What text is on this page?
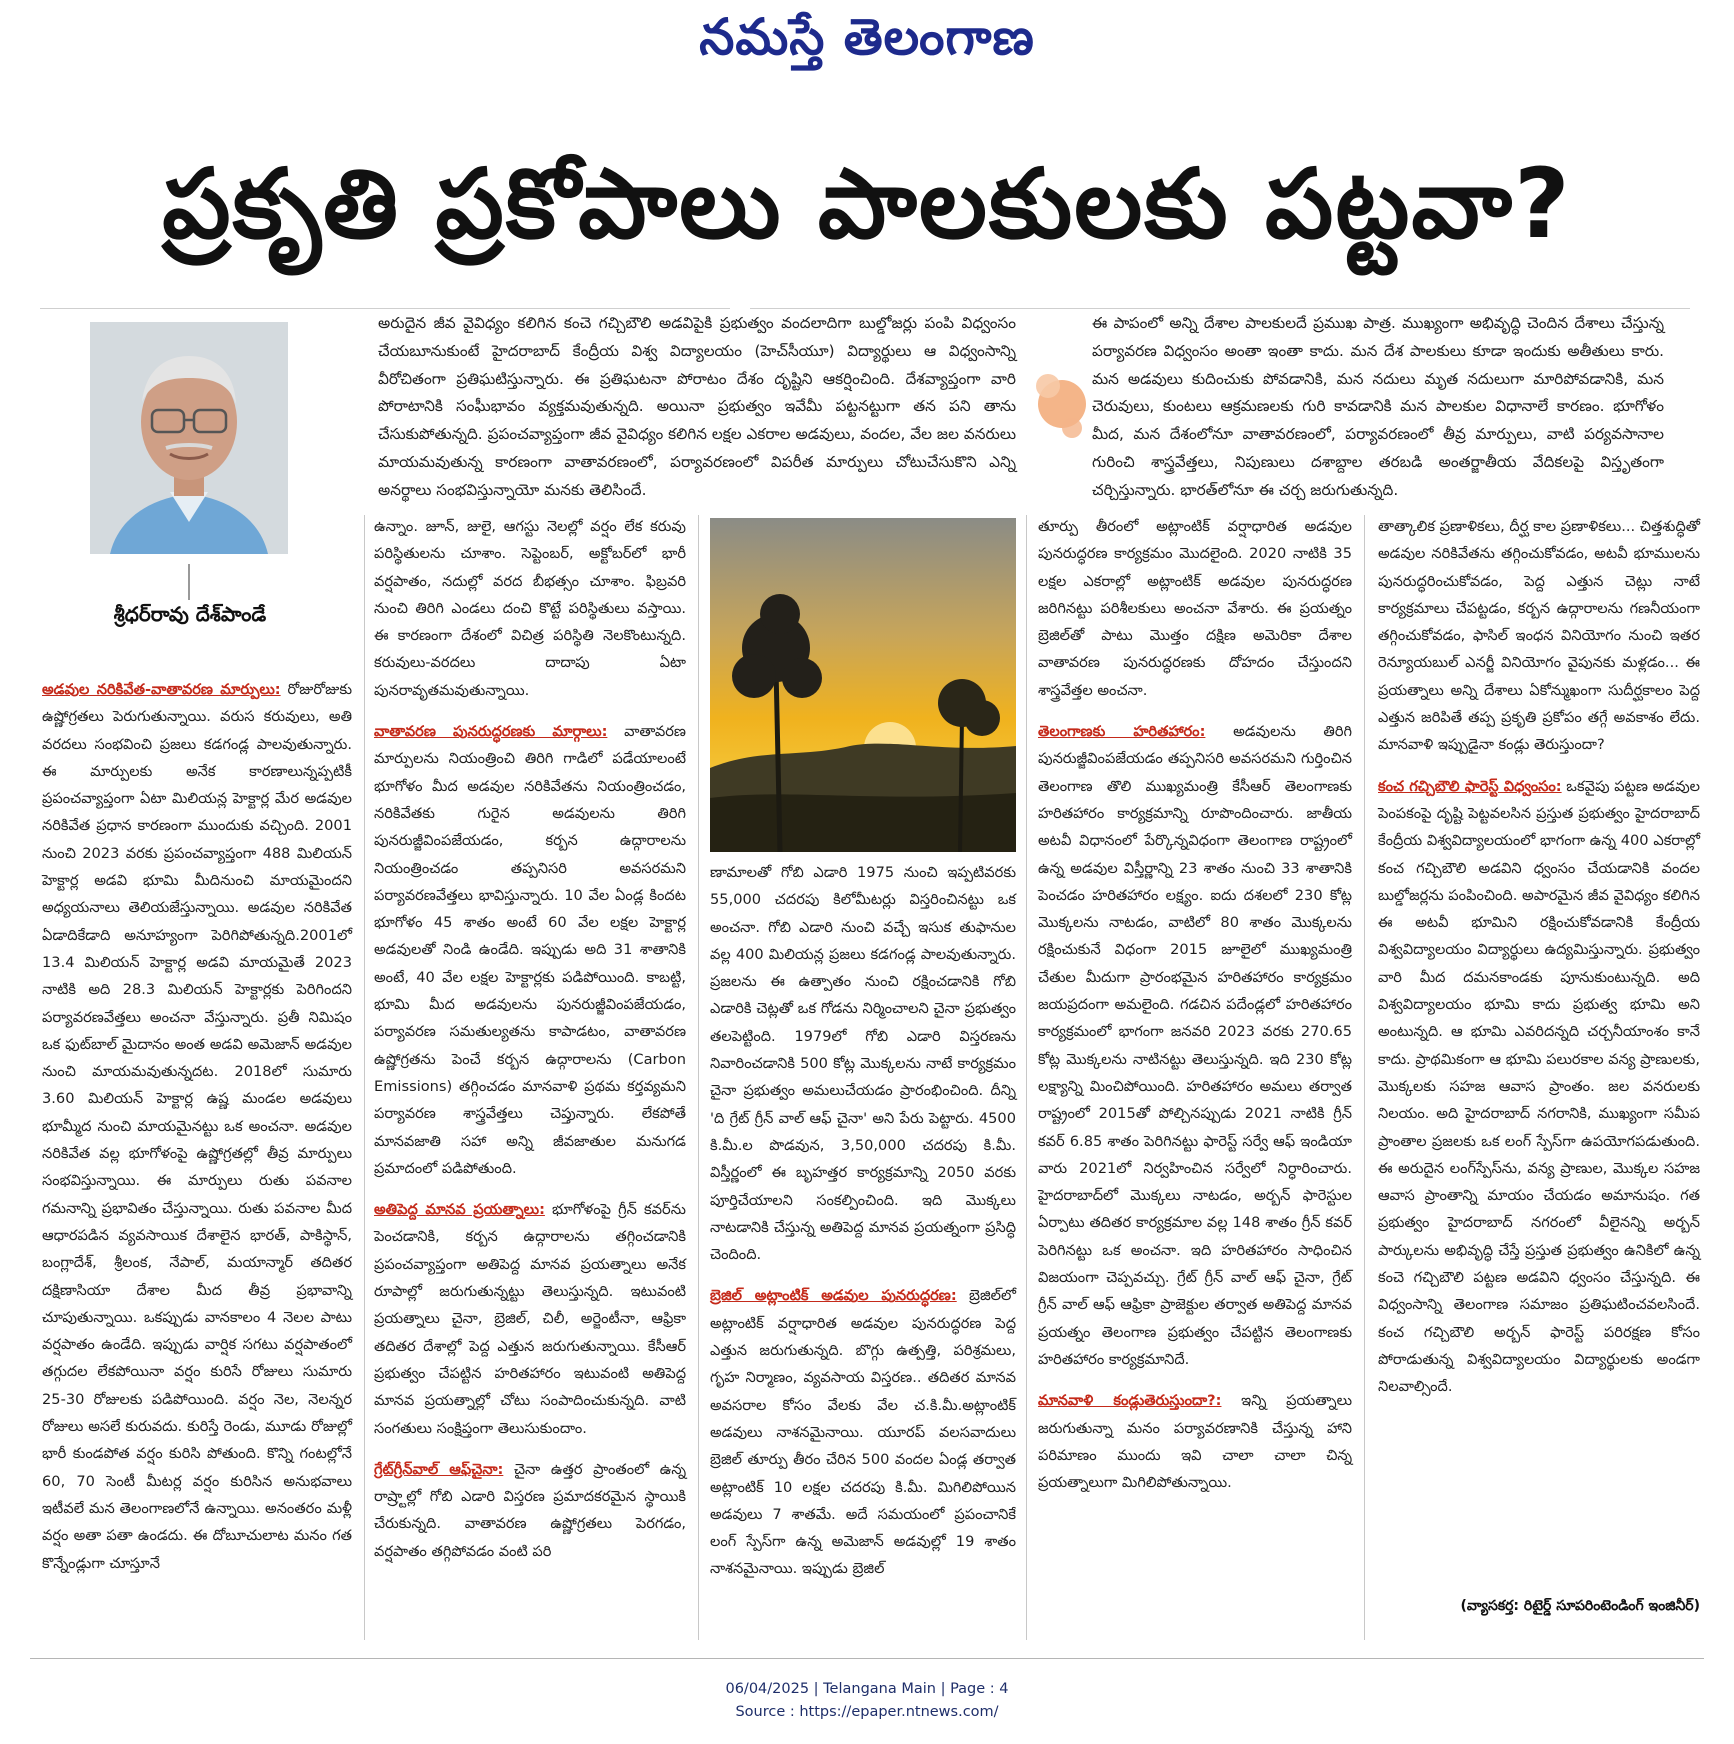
నమస్తే తెలంగాణ
ప్రకృతి ప్రకోపాలు పాలకులకు పట్టవా?
శ్రీధర్‌రావు దేశ్‌పాండే
అరుదైన జీవ వైవిధ్యం కలిగిన కంచె గచ్చిబౌలి అడవిపైకి ప్రభుత్వం వందలాదిగా బుల్డోజర్లు పంపి విధ్వంసం చేయబూనుకుంటే హైదరాబాద్ కేంద్రీయ విశ్వ విద్యాలయం (హెచ్‌సీయూ) విద్యార్థులు ఆ విధ్వంసాన్ని వీరోచితంగా ప్రతిఘటిస్తున్నారు. ఈ ప్రతిఘటనా పోరాటం దేశం దృష్టిని ఆకర్షించింది. దేశవ్యాప్తంగా వారి పోరాటానికి సంఘీభావం వ్యక్తమవుతున్నది. అయినా ప్రభుత్వం ఇవేమీ పట్టనట్టుగా తన పని తాను చేసుకుపోతున్నది. ప్రపంచవ్యాప్తంగా జీవ వైవిధ్యం కలిగిన లక్షల ఎకరాల అడవులు, వందల, వేల జల వనరులు మాయమవుతున్న కారణంగా వాతావరణంలో, పర్యావరణంలో విపరీత మార్పులు చోటుచేసుకొని ఎన్ని అనర్థాలు సంభవిస్తున్నాయో మనకు తెలిసిందే.
ఈ పాపంలో అన్ని దేశాల పాలకులదే ప్రముఖ పాత్ర. ముఖ్యంగా అభివృద్ధి చెందిన దేశాలు చేస్తున్న పర్యావరణ విధ్వంసం అంతా ఇంతా కాదు. మన దేశ పాలకులు కూడా ఇందుకు అతీతులు కారు. మన అడవులు కుదించుకు పోవడానికి, మన నదులు మృత నదులుగా మారిపోవడానికి, మన చెరువులు, కుంటలు ఆక్రమణలకు గురి కావడానికి మన పాలకుల విధానాలే కారణం. భూగోళం మీద, మన దేశంలోనూ వాతావరణంలో, పర్యావరణంలో తీవ్ర మార్పులు, వాటి పర్యవసానాల గురించి శాస్త్రవేత్తలు, నిపుణులు దశాబ్దాల తరబడి అంతర్జాతీయ వేదికలపై విస్తృతంగా చర్చిస్తున్నారు. భారత్‌లోనూ ఈ చర్చ జరుగుతున్నది.

అడవుల నరికివేత-వాతావరణ మార్పులు: రోజురోజుకు ఉష్ణోగ్రతలు పెరుగుతున్నాయి. వరుస కరువులు, అతి వరదలు సంభవించి ప్రజలు కడగండ్ల పాలవుతున్నారు. ఈ మార్పులకు అనేక కారణాలున్నప్పటికీ ప్రపంచవ్యాప్తంగా ఏటా మిలియన్ల హెక్టార్ల మేర అడవుల నరికివేత ప్రధాన కారణంగా ముందుకు వచ్చింది. 2001 నుంచి 2023 వరకు ప్రపంచవ్యాప్తంగా 488 మిలియన్ హెక్టార్ల అడవి భూమి మీదినుంచి మాయమైందని అధ్యయనాలు తెలియజేస్తున్నాయి. అడవుల నరికివేత ఏడాదికేడాది అనూహ్యంగా పెరిగిపోతున్నది.2001లో 13.4 మిలియన్ హెక్టార్ల అడవి మాయమైతే 2023 నాటికి అది 28.3 మిలియన్ హెక్టార్లకు పెరిగిందని పర్యావరణవేత్తలు అంచనా వేస్తున్నారు. ప్రతీ నిమిషం ఒక ఫుట్‌బాల్ మైదానం అంత అడవి అమెజాన్ అడవుల నుంచి మాయమవుతున్నదట. 2018లో సుమారు 3.60 మిలియన్ హెక్టార్ల ఉష్ణ మండల అడవులు భూమ్మీద నుంచి మాయమైనట్టు ఒక అంచనా. అడవుల నరికివేత వల్ల భూగోళంపై ఉష్ణోగ్రతల్లో తీవ్ర మార్పులు సంభవిస్తున్నాయి. ఈ మార్పులు రుతు పవనాల గమనాన్ని ప్రభావితం చేస్తున్నాయి. రుతు పవనాల మీద ఆధారపడిన వ్యవసాయిక దేశాలైన భారత్, పాకిస్థాన్, బంగ్లాదేశ్, శ్రీలంక, నేపాల్, మయాన్మార్ తదితర దక్షిణాసియా దేశాల మీద తీవ్ర ప్రభావాన్ని చూపుతున్నాయి. ఒకప్పుడు వానకాలం 4 నెలల పాటు వర్షపాతం ఉండేది. ఇప్పుడు వార్షిక సగటు వర్షపాతంలో తగ్గుదల లేకపోయినా వర్షం కురిసే రోజులు సుమారు 25-30 రోజులకు పడిపోయింది. వర్షం నెల, నెలన్నర రోజులు అసలే కురువదు. కురిస్తే రెండు, మూడు రోజుల్లో భారీ కుండపోత వర్షం కురిసి పోతుంది. కొన్ని గంటల్లోనే 60, 70 సెంటీ మీటర్ల వర్షం కురిసిన అనుభవాలు ఇటీవలే మన తెలంగాణలోనే ఉన్నాయి. అనంతరం మళ్లీ వర్షం అతా పతా ఉండదు. ఈ దోబూచులాట మనం గత కొన్నేండ్లుగా చూస్తూనే

ఉన్నాం. జూన్, జులై, ఆగస్టు నెలల్లో వర్షం లేక కరువు పరిస్థితులను చూశాం. సెప్టెంబర్, అక్టోబర్‌లో భారీ వర్షపాతం, నదుల్లో వరద బీభత్సం చూశాం. ఫిబ్రవరి నుంచి తిరిగి ఎండలు దంచి కొట్టే పరిస్థితులు వస్తాయి. ఈ కారణంగా దేశంలో విచిత్ర పరిస్థితి నెలకొంటున్నది. కరువులు-వరదలు దాదాపు ఏటా పునరావృతమవుతున్నాయి.

వాతావరణ పునరుద్ధరణకు మార్గాలు: వాతావరణ మార్పులను నియంత్రించి తిరిగి గాడిలో పడేయాలంటే భూగోళం మీద అడవుల నరికివేతను నియంత్రించడం, నరికివేతకు గురైన అడవులను తిరిగి పునరుజ్జీవింపజేయడం, కర్బన ఉద్గారాలను నియంత్రించడం తప్పనిసరి అవసరమని పర్యావరణవేత్తలు భావిస్తున్నారు. 10 వేల ఏండ్ల కిందట భూగోళం 45 శాతం అంటే 60 వేల లక్షల హెక్టార్ల అడవులతో నిండి ఉండేది. ఇప్పుడు అది 31 శాతానికి అంటే, 40 వేల లక్షల హెక్టార్లకు పడిపోయింది. కాబట్టి, భూమి మీద అడవులను పునరుజ్జీవింపజేయడం, పర్యావరణ సమతుల్యతను కాపాడటం, వాతావరణ ఉష్ణోగ్రతను పెంచే కర్బన ఉద్గారాలను (Carbon Emissions) తగ్గించడం మానవాళి ప్రథమ కర్తవ్యమని పర్యావరణ శాస్త్రవేత్తలు చెప్తున్నారు. లేకపోతే మానవజాతి సహా అన్ని జీవజాతుల మనుగడ ప్రమాదంలో పడిపోతుంది.

అతిపెద్ద మానవ ప్రయత్నాలు: భూగోళంపై గ్రీన్ కవర్‌ను పెంచడానికి, కర్బన ఉద్గారాలను తగ్గించడానికి ప్రపంచవ్యాప్తంగా అతిపెద్ద మానవ ప్రయత్నాలు అనేక రూపాల్లో జరుగుతున్నట్టు తెలుస్తున్నది. ఇటువంటి ప్రయత్నాలు చైనా, బ్రెజిల్, చిలీ, అర్జెంటీనా, ఆఫ్రికా తదితర దేశాల్లో పెద్ద ఎత్తున జరుగుతున్నాయి. కేసీఆర్ ప్రభుత్వం చేపట్టిన హరితహారం ఇటువంటి అతిపెద్ద మానవ ప్రయత్నాల్లో చోటు సంపాదించుకున్నది. వాటి సంగతులు సంక్షిప్తంగా తెలుసుకుందాం.

గ్రేట్‌గ్రీన్‌వాల్ ఆఫ్‌చైనా: చైనా ఉత్తర ప్రాంతంలో ఉన్న రాష్ర్టాల్లో గోబి ఎడారి విస్తరణ ప్రమాదకరమైన స్థాయికి చేరుకున్నది. వాతావరణ ఉష్ణోగ్రతలు పెరగడం, వర్షపాతం తగ్గిపోవడం వంటి పరి

ణామాలతో గోబి ఎడారి 1975 నుంచి ఇప్పటివరకు 55,000 చదరపు కిలోమీటర్లు విస్తరించినట్టు ఒక అంచనా. గోబి ఎడారి నుంచి వచ్చే ఇసుక తుఫానుల వల్ల 400 మిలియన్ల ప్రజలు కడగండ్ల పాలవుతున్నారు. ప్రజలను ఈ ఉత్పాతం నుంచి రక్షించడానికి గోబి ఎడారికి చెట్లతో ఒక గోడను నిర్మించాలని చైనా ప్రభుత్వం తలపెట్టింది. 1979లో గోబి ఎడారి విస్తరణను నివారించడానికి 500 కోట్ల మొక్కలను నాటే కార్యక్రమం చైనా ప్రభుత్వం అమలుచేయడం ప్రారంభించింది. దీన్ని 'ది గ్రేట్ గ్రీన్ వాల్ ఆఫ్ చైనా' అని పేరు పెట్టారు. 4500 కి.మీ.ల పొడవున, 3,50,000 చదరపు కి.మీ. విస్తీర్ణంలో ఈ బృహత్తర కార్యక్రమాన్ని 2050 వరకు పూర్తిచేయాలని సంకల్పించింది. ఇది మొక్కలు నాటడానికి చేస్తున్న అతిపెద్ద మానవ ప్రయత్నంగా ప్రసిద్ధి చెందింది.

బ్రెజిల్ అట్లాంటిక్ అడవుల పునరుద్ధరణ: బ్రెజిల్‌లో అట్లాంటిక్ వర్షాధారిత అడవుల పునరుద్ధరణ పెద్ద ఎత్తున జరుగుతున్నది. బొగ్గు ఉత్పత్తి, పరిశ్రమలు, గృహ నిర్మాణం, వ్యవసాయ విస్తరణ.. తదితర మానవ అవసరాల కోసం వేలకు వేల చ.కి.మీ.అట్లాంటిక్ అడవులు నాశనమైనాయి. యూరప్ వలసవాదులు బ్రెజిల్ తూర్పు తీరం చేరిన 500 వందల ఏండ్ల తర్వాత అట్లాంటిక్ 10 లక్షల చదరపు కి.మీ. మిగిలిపోయిన అడవులు 7 శాతమే. అదే సమయంలో ప్రపంచానికే లంగ్ స్పేస్‌గా ఉన్న అమెజాన్ అడవుల్లో 19 శాతం నాశనమైనాయి. ఇప్పుడు బ్రెజిల్

తూర్పు తీరంలో అట్లాంటిక్ వర్షాధారిత అడవుల పునరుద్ధరణ కార్యక్రమం మొదలైంది. 2020 నాటికి 35 లక్షల ఎకరాల్లో అట్లాంటిక్ అడవుల పునరుద్ధరణ జరిగినట్టు పరిశీలకులు అంచనా వేశారు. ఈ ప్రయత్నం బ్రెజిల్‌తో పాటు మొత్తం దక్షిణ అమెరికా దేశాల వాతావరణ పునరుద్ధరణకు దోహదం చేస్తుందని శాస్త్రవేత్తల అంచనా.

తెలంగాణకు హరితహారం: అడవులను తిరిగి పునరుజ్జీవింపజేయడం తప్పనిసరి అవసరమని గుర్తించిన తెలంగాణ తొలి ముఖ్యమంత్రి కేసీఆర్ తెలంగాణకు హరితహారం కార్యక్రమాన్ని రూపొందించారు. జాతీయ అటవీ విధానంలో పేర్కొన్నవిధంగా తెలంగాణ రాష్ట్రంలో ఉన్న అడవుల విస్తీర్ణాన్ని 23 శాతం నుంచి 33 శాతానికి పెంచడం హరితహారం లక్ష్యం. ఐదు దశలలో 230 కోట్ల మొక్కలను నాటడం, వాటిలో 80 శాతం మొక్కలను రక్షించుకునే విధంగా 2015 జూలైలో ముఖ్యమంత్రి చేతుల మీదుగా ప్రారంభమైన హరితహారం కార్యక్రమం జయప్రదంగా అమలైంది. గడచిన పదేండ్లలో హరితహారం కార్యక్రమంలో భాగంగా జనవరి 2023 వరకు 270.65 కోట్ల మొక్కలను నాటినట్టు తెలుస్తున్నది. ఇది 230 కోట్ల లక్ష్యాన్ని మించిపోయింది. హరితహారం అమలు తర్వాత రాష్ట్రంలో 2015తో పోల్చినప్పుడు 2021 నాటికి గ్రీన్ కవర్ 6.85 శాతం పెరిగినట్టు ఫారెస్ట్ సర్వే ఆఫ్ ఇండియా వారు 2021లో నిర్వహించిన సర్వేలో నిర్ధారించారు. హైదరాబాద్‌లో మొక్కలు నాటడం, అర్బన్ ఫారెస్టుల ఏర్పాటు తదితర కార్యక్రమాల వల్ల 148 శాతం గ్రీన్ కవర్ పెరిగినట్టు ఒక అంచనా. ఇది హరితహారం సాధించిన విజయంగా చెప్పవచ్చు. గ్రేట్ గ్రీన్ వాల్ ఆఫ్ చైనా, గ్రేట్ గ్రీన్ వాల్ ఆఫ్ ఆఫ్రికా ప్రాజెక్టుల తర్వాత అతిపెద్ద మానవ ప్రయత్నం తెలంగాణ ప్రభుత్వం చేపట్టిన తెలంగాణకు హరితహారం కార్యక్రమానిదే.

మానవాళి కండ్లుతెరుస్తుందా?: ఇన్ని ప్రయత్నాలు జరుగుతున్నా మనం పర్యావరణానికి చేస్తున్న హాని పరిమాణం ముందు ఇవి చాలా చాలా చిన్న ప్రయత్నాలుగా మిగిలిపోతున్నాయి.

తాత్కాలిక ప్రణాళికలు, దీర్ఘ కాల ప్రణాళికలు... చిత్తశుద్ధితో అడవుల నరికివేతను తగ్గించుకోవడం, అటవీ భూములను పునరుద్ధరించుకోవడం, పెద్ద ఎత్తున చెట్లు నాటే కార్యక్రమాలు చేపట్టడం, కర్బన ఉద్గారాలను గణనీయంగా తగ్గించుకోవడం, ఫాసిల్ ఇంధన వినియోగం నుంచి ఇతర రెన్యూయబుల్ ఎనర్జీ వినియోగం వైపునకు మళ్లడం... ఈ ప్రయత్నాలు అన్ని దేశాలు ఏకోన్ముఖంగా సుదీర్ఘకాలం పెద్ద ఎత్తున జరిపితే తప్ప ప్రకృతి ప్రకోపం తగ్గే అవకాశం లేదు. మానవాళి ఇప్పుడైనా కండ్లు తెరుస్తుందా?

కంచ గచ్చిబౌలి ఫారెస్ట్ విధ్వంసం: ఒకవైపు పట్టణ అడవుల పెంపకంపై దృష్టి పెట్టవలసిన ప్రస్తుత ప్రభుత్వం హైదరాబాద్ కేంద్రీయ విశ్వవిద్యాలయంలో భాగంగా ఉన్న 400 ఎకరాల్లో కంచ గచ్చిబౌలి అడవిని ధ్వంసం చేయడానికి వందల బుల్డోజర్లను పంపించింది. అపారమైన జీవ వైవిధ్యం కలిగిన ఈ అటవీ భూమిని రక్షించుకోవడానికి కేంద్రీయ విశ్వవిద్యాలయం విద్యార్థులు ఉద్యమిస్తున్నారు. ప్రభుత్వం వారి మీద దమనకాండకు పూనుకుంటున్నది. అది విశ్వవిద్యాలయం భూమి కాదు ప్రభుత్వ భూమి అని అంటున్నది. ఆ భూమి ఎవరిదన్నది చర్చనీయాంశం కానే కాదు. ప్రాథమికంగా ఆ భూమి పలురకాల వన్య ప్రాణులకు, మొక్కలకు సహజ ఆవాస ప్రాంతం. జల వనరులకు నిలయం. అది హైదరాబాద్ నగరానికి, ముఖ్యంగా సమీప ప్రాంతాల ప్రజలకు ఒక లంగ్ స్పేస్‌గా ఉపయోగపడుతుంది. ఈ అరుదైన లంగ్‌స్పేస్‌ను, వన్య ప్రాణుల, మొక్కల సహజ ఆవాస ప్రాంతాన్ని మాయం చేయడం అమానుషం. గత ప్రభుత్వం హైదరాబాద్ నగరంలో వీలైనన్ని అర్బన్ పార్కులను అభివృద్ధి చేస్తే ప్రస్తుత ప్రభుత్వం ఉనికిలో ఉన్న కంచె గచ్చిబౌలి పట్టణ అడవిని ధ్వంసం చేస్తున్నది. ఈ విధ్వంసాన్ని తెలంగాణ సమాజం ప్రతిఘటించవలసిందే. కంచ గచ్చిబౌలి అర్బన్ ఫారెస్ట్ పరిరక్షణ కోసం పోరాడుతున్న విశ్వవిద్యాలయం విద్యార్థులకు అండగా నిలవాల్సిందే.

(వ్యాసకర్త: రిటైర్డ్ సూపరింటెండింగ్ ఇంజినీర్)
06/04/2025 | Telangana Main | Page : 4
Source : https://epaper.ntnews.com/
